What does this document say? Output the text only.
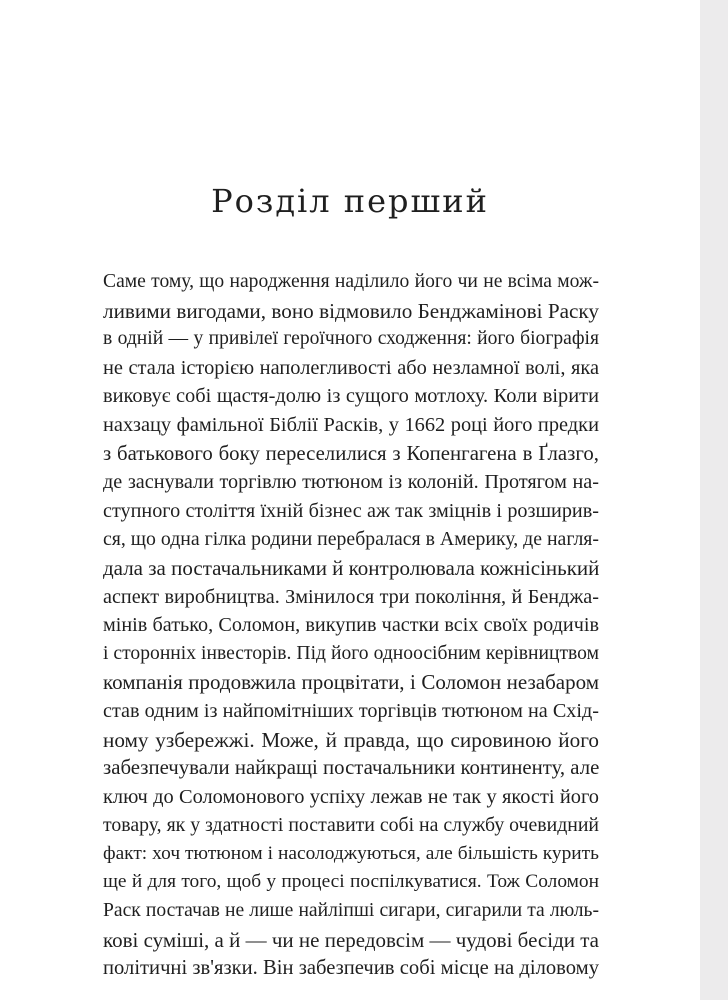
Розділ перший
Саме тому, що народження наділило його чи не всіма мож-
ливими вигодами, воно відмовило Бенджамінові Раску
в одній — у привілеї героїчного сходження: його біографія
не стала історією наполегливості або незламної волі, яка
виковує собі щастя-долю із сущого мотлоху. Коли вірити
нахзацу фамільної Біблії Расків, у 1662 році його предки
з батькового боку переселилися з Копенгагена в Ґлазго,
де заснували торгівлю тютюном із колоній. Протягом на-
ступного століття їхній бізнес аж так зміцнів і розширив-
ся, що одна гілка родини перебралася в Америку, де нагля-
дала за постачальниками й контролювала кожнісінький
аспект виробництва. Змінилося три покоління, й Бенджа-
мінів батько, Соломон, викупив частки всіх своїх родичів
і сторонніх інвесторів. Під його одноосібним керівництвом
компанія продовжила процвітати, і Соломон незабаром
став одним із найпомітніших торгівців тютюном на Схід-
ному узбережжі. Може, й правда, що сировиною його
забезпечували найкращі постачальники континенту, але
ключ до Соломонового успіху лежав не так у якості його
товару, як у здатності поставити собі на службу очевидний
факт: хоч тютюном і насолоджуються, але більшість курить
ще й для того, щоб у процесі поспілкуватися. Тож Соломон
Раск постачав не лише найліпші сигари, сигарили та люль-
кові суміші, а й — чи не передовсім — чудові бесіди та
політичні зв'язки. Він забезпечив собі місце на діловому
